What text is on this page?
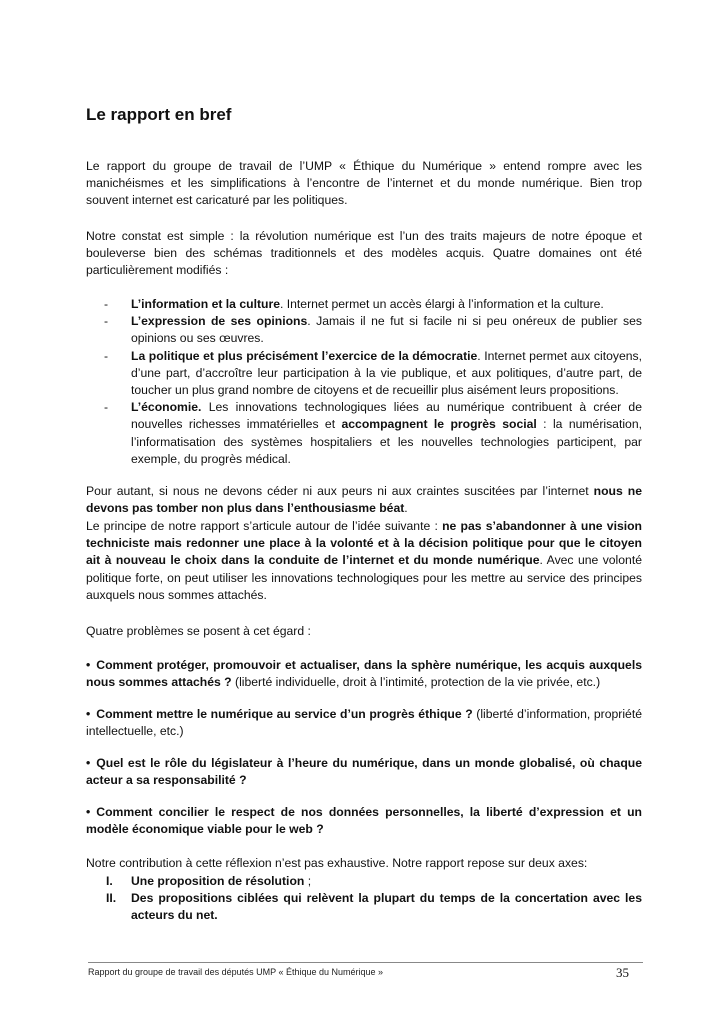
Le rapport en bref

Le rapport du groupe de travail de l’UMP « Éthique du Numérique » entend rompre avec les manichéismes et les simplifications à l’encontre de l’internet et du monde numérique. Bien trop souvent internet est caricaturé par les politiques.

Notre constat est simple : la révolution numérique est l’un des traits majeurs de notre époque et bouleverse bien des schémas traditionnels et des modèles acquis. Quatre domaines ont été particulièrement modifiés :

- L’information et la culture. Internet permet un accès élargi à l’information et la culture.
- L’expression de ses opinions. Jamais il ne fut si facile ni si peu onéreux de publier ses opinions ou ses œuvres.
- La politique et plus précisément l’exercice de la démocratie. Internet permet aux citoyens, d’une part, d’accroître leur participation à la vie publique, et aux politiques, d’autre part, de toucher un plus grand nombre de citoyens et de recueillir plus aisément leurs propositions.
- L’économie. Les innovations technologiques liées au numérique contribuent à créer de nouvelles richesses immatérielles et accompagnent le progrès social : la numérisation, l’informatisation des systèmes hospitaliers et les nouvelles technologies participent, par exemple, du progrès médical.

Pour autant, si nous ne devons céder ni aux peurs ni aux craintes suscitées par l’internet nous ne devons pas tomber non plus dans l’enthousiasme béat.

Le principe de notre rapport s’articule autour de l’idée suivante : ne pas s’abandonner à une vision techniciste mais redonner une place à la volonté et à la décision politique pour que le citoyen ait à nouveau le choix dans la conduite de l’internet et du monde numérique. Avec une volonté politique forte, on peut utiliser les innovations technologiques pour les mettre au service des principes auxquels nous sommes attachés.

Quatre problèmes se posent à cet égard :

• Comment protéger, promouvoir et actualiser, dans la sphère numérique, les acquis auxquels nous sommes attachés ? (liberté individuelle, droit à l’intimité, protection de la vie privée, etc.)

• Comment mettre le numérique au service d’un progrès éthique ? (liberté d’information, propriété intellectuelle, etc.)

• Quel est le rôle du législateur à l’heure du numérique, dans un monde globalisé, où chaque acteur a sa responsabilité ?

• Comment concilier le respect de nos données personnelles, la liberté d’expression et un modèle économique viable pour le web ?

Notre contribution à cette réflexion n’est pas exhaustive. Notre rapport repose sur deux axes:

I. Une proposition de résolution ;
II. Des propositions ciblées qui relèvent la plupart du temps de la concertation avec les acteurs du net.
Rapport du groupe de travail des députés UMP « Éthique du Numérique »	35
